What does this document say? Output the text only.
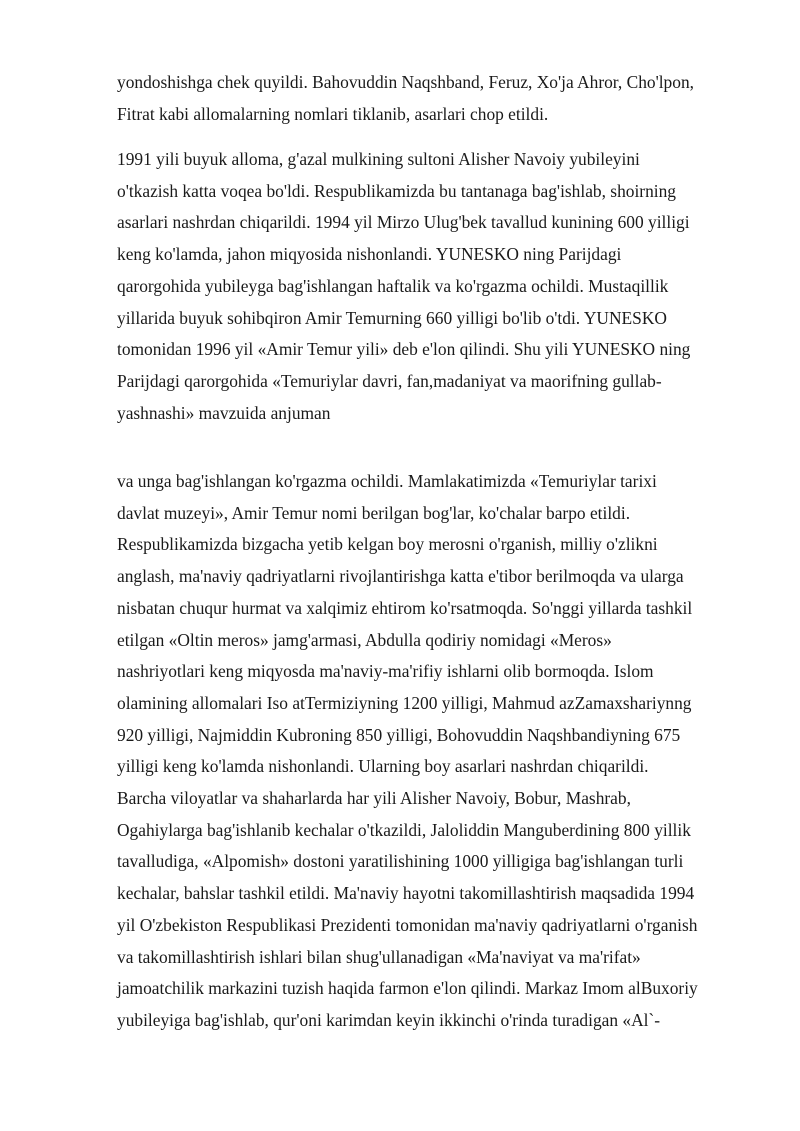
yondoshishga chek quyildi. Bahovuddin Naqshband, Feruz, Xo'ja Ahror, Cho'lpon,
Fitrat kabi allomalarning nomlari tiklanib, asarlari chop etildi.
1991 yili buyuk alloma, g'azal mulkining sultoni Alisher Navoiy yubileyini
o'tkazish katta voqea bo'ldi. Respublikamizda bu tantanaga bag'ishlab, shoirning
asarlari nashrdan chiqarildi. 1994 yil Mirzo Ulug'bek tavallud kunining 600 yilligi
keng ko'lamda, jahon miqyosida nishonlandi. YUNESKO ning Parijdagi
qarorgohida yubileyga bag'ishlangan haftalik va ko'rgazma ochildi. Mustaqillik
yillarida buyuk sohibqiron Amir Temurning 660 yilligi bo'lib o'tdi. YUNESKO
tomonidan 1996 yil «Amir Temur yili» deb e'lon qilindi. Shu yili YUNESKO ning
Parijdagi qarorgohida «Temuriylar davri, fan,madaniyat va maorifning gullab-
yashnashi» mavzuida anjuman
va unga bag'ishlangan ko'rgazma ochildi. Mamlakatimizda «Temuriylar tarixi
davlat muzeyi», Amir Temur nomi berilgan bog'lar, ko'chalar barpo etildi.
Respublikamizda bizgacha yetib kelgan boy merosni o'rganish, milliy o'zlikni
anglash, ma'naviy qadriyatlarni rivojlantirishga katta e'tibor berilmoqda va ularga
nisbatan chuqur hurmat va xalqimiz ehtirom ko'rsatmoqda. So'nggi yillarda tashkil
etilgan «Oltin meros» jamg'armasi, Abdulla qodiriy nomidagi «Meros»
nashriyotlari keng miqyosda ma'naviy-ma'rifiy ishlarni olib bormoqda. Islom
olamining allomalari Iso atTermiziyning 1200 yilligi, Mahmud azZamaxshariynng
920 yilligi, Najmiddin Kubroning 850 yilligi, Bohovuddin Naqshbandiyning 675
yilligi keng ko'lamda nishonlandi. Ularning boy asarlari nashrdan chiqarildi.
Barcha viloyatlar va shaharlarda har yili Alisher Navoiy, Bobur, Mashrab,
Ogahiylarga bag'ishlanib kechalar o'tkazildi, Jaloliddin Manguberdining 800 yillik
tavalludiga, «Alpomish» dostoni yaratilishining 1000 yilligiga bag'ishlangan turli
kechalar, bahslar tashkil etildi. Ma'naviy hayotni takomillashtirish maqsadida 1994
yil O'zbekiston Respublikasi Prezidenti tomonidan ma'naviy qadriyatlarni o'rganish
va takomillashtirish ishlari bilan shug'ullanadigan «Ma'naviyat va ma'rifat»
jamoatchilik markazini tuzish haqida farmon e'lon qilindi. Markaz Imom alBuxoriy
yubileyiga bag'ishlab, qur'oni karimdan keyin ikkinchi o'rinda turadigan «Al`-
